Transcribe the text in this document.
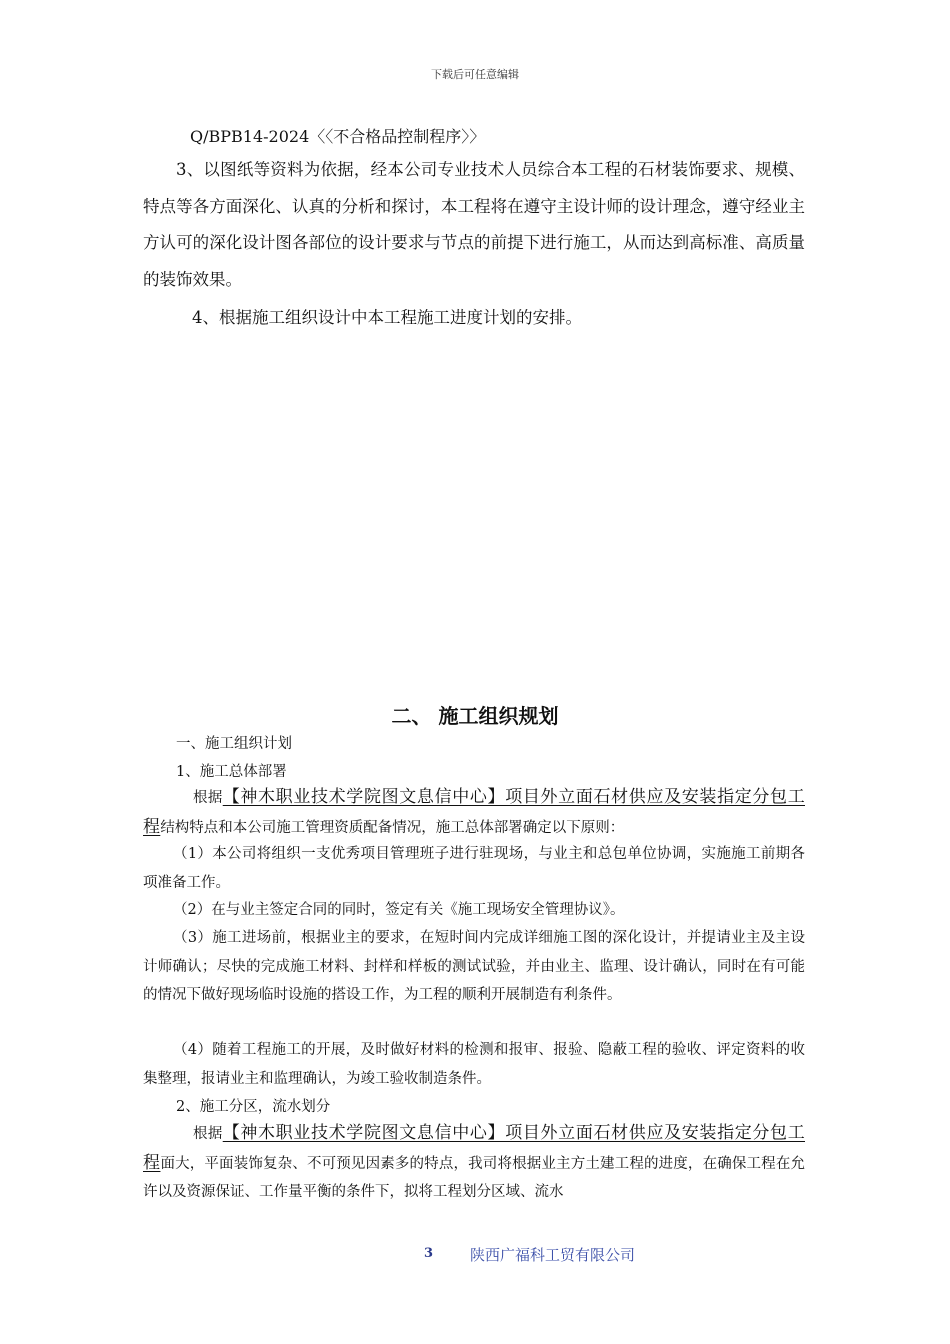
下载后可任意编辑
Q/BPB14-2024〈〈不合格品控制程序〉〉

3、以图纸等资料为依据，经本公司专业技术人员综合本工程的石材装饰要求、规模、特点等各方面深化、认真的分析和探讨，本工程将在遵守主设计师的设计理念，遵守经业主方认可的深化设计图各部位的设计要求与节点的前提下进行施工，从而达到高标准、高质量的装饰效果。

4、根据施工组织设计中本工程施工进度计划的安排。

二、 施工组织规划

一、施工组织计划

1、施工总体部署

根据【神木职业技术学院图文息信中心】项目外立面石材供应及安装指定分包工程结构特点和本公司施工管理资质配备情况，施工总体部署确定以下原则：

（1）本公司将组织一支优秀项目管理班子进行驻现场，与业主和总包单位协调，实施施工前期各项准备工作。

（2）在与业主签定合同的同时，签定有关《施工现场安全管理协议》。

（3）施工进场前，根据业主的要求，在短时间内完成详细施工图的深化设计，并提请业主及主设计师确认；尽快的完成施工材料、封样和样板的测试试验，并由业主、监理、设计确认，同时在有可能的情况下做好现场临时设施的搭设工作，为工程的顺利开展制造有利条件。

（4）随着工程施工的开展，及时做好材料的检测和报审、报验、隐蔽工程的验收、评定资料的收集整理，报请业主和监理确认，为竣工验收制造条件。

2、施工分区，流水划分

根据【神木职业技术学院图文息信中心】项目外立面石材供应及安装指定分包工程面大，平面装饰复杂、不可预见因素多的特点，我司将根据业主方土建工程的进度，在确保工程在允许以及资源保证、工作量平衡的条件下，拟将工程划分区域、流水

3 陕西广福科工贸有限公司
